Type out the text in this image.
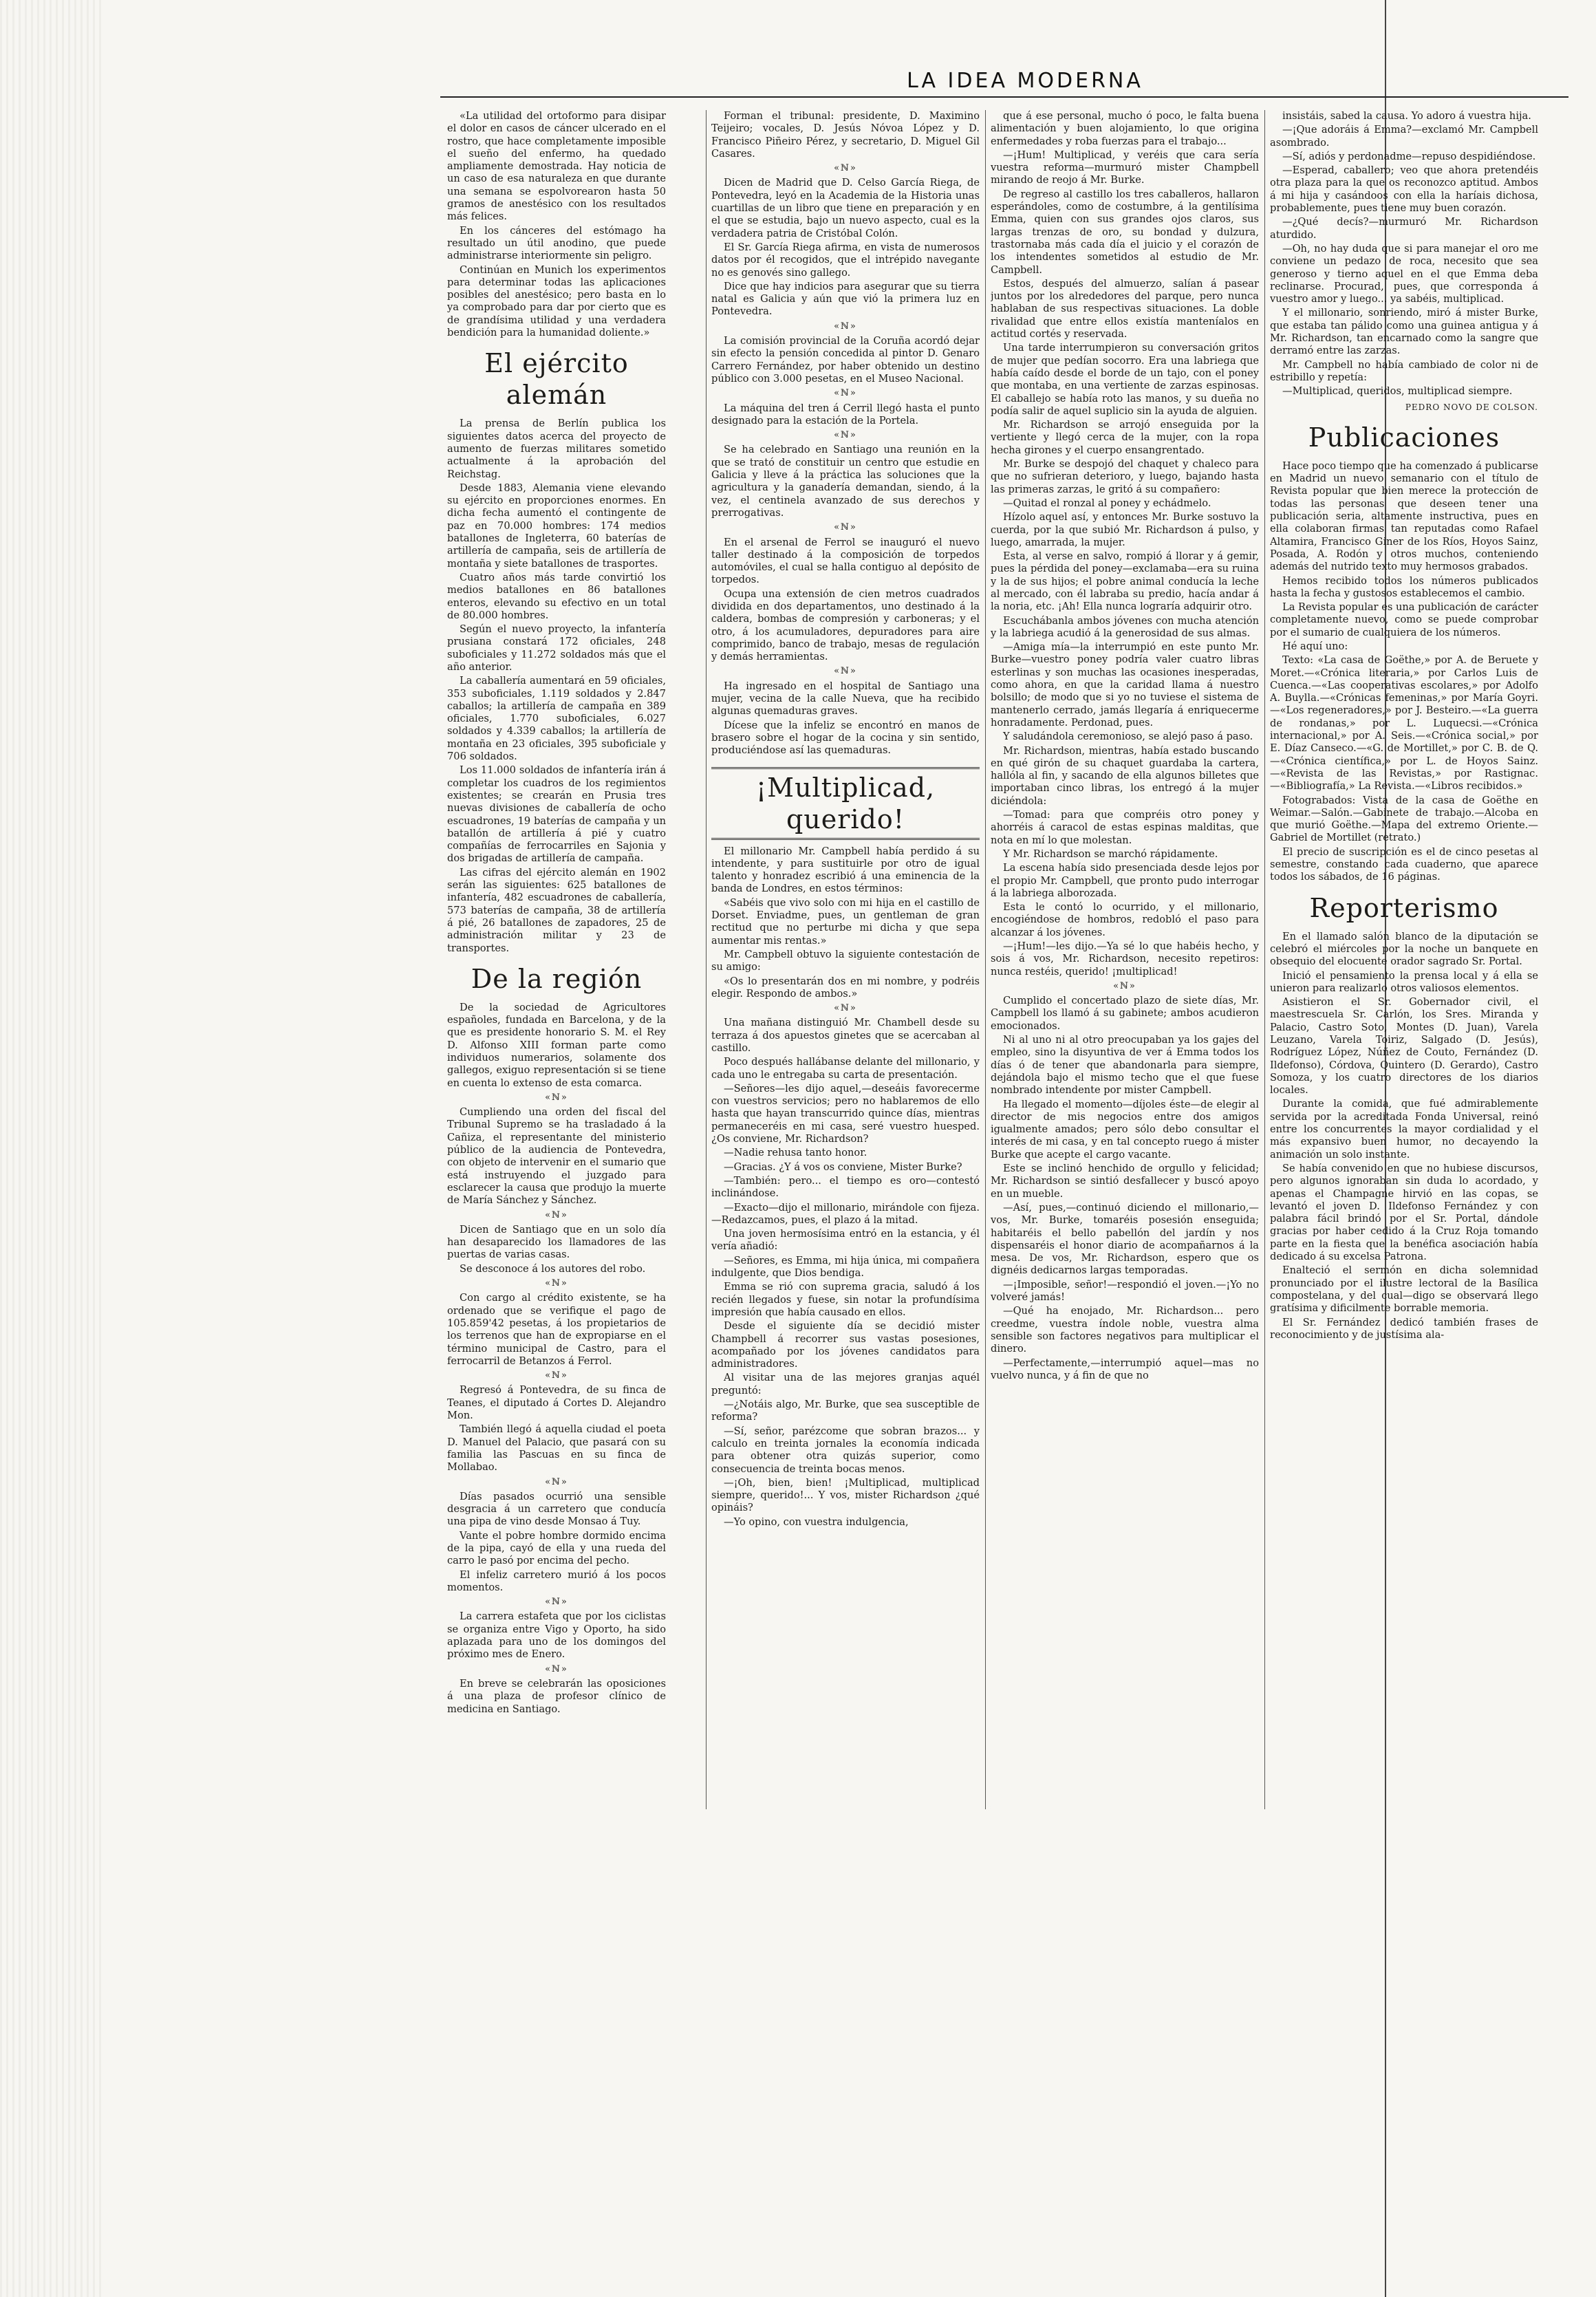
LA IDEA MODERNA

«La utilidad del ortoformo para disipar el dolor en casos de cáncer ulcerado en el rostro, que hace completamente imposible el sueño del enfermo, ha quedado ampliamente demostrada. Hay noticia de un caso de esa naturaleza en que durante una semana se espolvorearon hasta 50 gramos de anestésico con los resultados más felices.

En los cánceres del estómago ha resultado un útil anodino, que puede administrarse interiormente sin peligro.

Continúan en Munich los experimentos para determinar todas las aplicaciones posibles del anestésico; pero basta en lo ya comprobado para dar por cierto que es de grandísima utilidad y una verdadera bendición para la humanidad doliente.»

El ejército alemán

La prensa de Berlín publica los siguientes datos acerca del proyecto de aumento de fuerzas militares sometido actualmente á la aprobación del Reichstag.

Desde 1883, Alemania viene elevando su ejército en proporciones enormes. En dicha fecha aumentó el contingente de paz en 70.000 hombres: 174 medios batallones de Ingleterra, 60 baterías de artillería de campaña, seis de artillería de montaña y siete batallones de trasportes.

Cuatro años más tarde convirtió los medios batallones en 86 batallones enteros, elevando su efectivo en un total de 80.000 hombres.

Según el nuevo proyecto, la infantería prusiana constará 172 oficiales, 248 suboficiales y 11.272 soldados más que el año anterior.

La caballería aumentará en 59 oficiales, 353 suboficiales, 1.119 soldados y 2.847 caballos; la artillería de campaña en 389 oficiales, 1.770 suboficiales, 6.027 soldados y 4.339 caballos; la artillería de montaña en 23 oficiales, 395 suboficiale y 706 soldados.

Los 11.000 soldados de infantería irán á completar los cuadros de los regimientos existentes; se crearán en Prusia tres nuevas divisiones de caballería de ocho escuadrones, 19 baterías de campaña y un batallón de artillería á pié y cuatro compañías de ferrocarriles en Sajonia y dos brigadas de artillería de campaña.

Las cifras del ejército alemán en 1902 serán las siguientes: 625 batallones de infantería, 482 escuadrones de caballería, 573 baterías de campaña, 38 de artillería á pié, 26 batallones de zapadores, 25 de administración militar y 23 de transportes.

De la región

De la sociedad de Agricultores españoles, fundada en Barcelona, y de la que es presidente honorario S. M. el Rey D. Alfonso XIII forman parte como individuos numerarios, solamente dos gallegos, exiguo representación si se tiene en cuenta lo extenso de esta comarca.

«ℕ»

Cumpliendo una orden del fiscal del Tribunal Supremo se ha trasladado á la Cañiza, el representante del ministerio público de la audiencia de Pontevedra, con objeto de intervenir en el sumario que está instruyendo el juzgado para esclarecer la causa que produjo la muerte de María Sánchez y Sánchez.

«ℕ»

Dicen de Santiago que en un solo día han desaparecido los llamadores de las puertas de varias casas.

Se desconoce á los autores del robo.

«ℕ»

Con cargo al crédito existente, se ha ordenado que se verifique el pago de 105.859'42 pesetas, á los propietarios de los terrenos que han de expropiarse en el término municipal de Castro, para el ferrocarril de Betanzos á Ferrol.

«ℕ»

Regresó á Pontevedra, de su finca de Teanes, el diputado á Cortes D. Alejandro Mon.

También llegó á aquella ciudad el poeta D. Manuel del Palacio, que pasará con su familia las Pascuas en su finca de Mollabao.

«ℕ»

Días pasados ocurrió una sensible desgracia á un carretero que conducía una pipa de vino desde Monsao á Tuy.

Vante el pobre hombre dormido encima de la pipa, cayó de ella y una rueda del carro le pasó por encima del pecho.

El infeliz carretero murió á los pocos momentos.

«ℕ»

La carrera estafeta que por los ciclistas se organiza entre Vigo y Oporto, ha sido aplazada para uno de los domingos del próximo mes de Enero.

«ℕ»

En breve se celebrarán las oposiciones á una plaza de profesor clínico de medicina en Santiago.

Forman el tribunal: presidente, D. Maximino Teijeiro; vocales, D. Jesús Nóvoa López y D. Francisco Piñeiro Pérez, y secretario, D. Miguel Gil Casares.

«ℕ»

Dicen de Madrid que D. Celso García Riega, de Pontevedra, leyó en la Academia de la Historia unas cuartillas de un libro que tiene en preparación y en el que se estudia, bajo un nuevo aspecto, cual es la verdadera patria de Cristóbal Colón.

El Sr. García Riega afirma, en vista de numerosos datos por él recogidos, que el intrépido navegante no es genovés sino gallego.

Dice que hay indicios para asegurar que su tierra natal es Galicia y aún que vió la primera luz en Pontevedra.

«ℕ»

La comisión provincial de la Coruña acordó dejar sin efecto la pensión concedida al pintor D. Genaro Carrero Fernández, por haber obtenido un destino público con 3.000 pesetas, en el Museo Nacional.

«ℕ»

La máquina del tren á Cerril llegó hasta el punto designado para la estación de la Portela.

«ℕ»

Se ha celebrado en Santiago una reunión en la que se trató de constituir un centro que estudie en Galicia y lleve á la práctica las soluciones que la agricultura y la ganadería demandan, siendo, á la vez, el centinela avanzado de sus derechos y prerrogativas.

«ℕ»

En el arsenal de Ferrol se inauguró el nuevo taller destinado á la composición de torpedos automóviles, el cual se halla contiguo al depósito de torpedos.

Ocupa una extensión de cien metros cuadrados dividida en dos departamentos, uno destinado á la caldera, bombas de compresión y carboneras; y el otro, á los acumuladores, depuradores para aire comprimido, banco de trabajo, mesas de regulación y demás herramientas.

«ℕ»

Ha ingresado en el hospital de Santiago una mujer, vecina de la calle Nueva, que ha recibido algunas quemaduras graves.

Dícese que la infeliz se encontró en manos de brasero sobre el hogar de la cocina y sin sentido, produciéndose así las quemaduras.

¡Multiplicad, querido!

El millonario Mr. Campbell había perdido á su intendente, y para sustituirle por otro de igual talento y honradez escribió á una eminencia de la banda de Londres, en estos términos:

«Sabéis que vivo solo con mi hija en el castillo de Dorset. Enviadme, pues, un gentleman de gran rectitud que no perturbe mi dicha y que sepa aumentar mis rentas.»

Mr. Campbell obtuvo la siguiente contestación de su amigo:

«Os lo presentarán dos en mi nombre, y podréis elegir. Respondo de ambos.»

«ℕ»

Una mañana distinguió Mr. Chambell desde su terraza á dos apuestos ginetes que se acercaban al castillo.

Poco después hallábanse delante del millonario, y cada uno le entregaba su carta de presentación.

—Señores—les dijo aquel,—deseáis favorecerme con vuestros servicios; pero no hablaremos de ello hasta que hayan transcurrido quince días, mientras permaneceréis en mi casa, seré vuestro huesped. ¿Os conviene, Mr. Richardson?

—Nadie rehusa tanto honor.

—Gracias. ¿Y á vos os conviene, Mister Burke?

—También: pero... el tiempo es oro—contestó inclinándose.

—Exacto—dijo el millonario, mirándole con fijeza.—Redazcamos, pues, el plazo á la mitad.

Una joven hermosísima entró en la estancia, y él vería añadió:

—Señores, es Emma, mi hija única, mi compañera indulgente, que Dios bendiga.

Emma se rió con suprema gracia, saludó á los recién llegados y fuese, sin notar la profundísima impresión que había causado en ellos.

Desde el siguiente día se decidió mister Champbell á recorrer sus vastas posesiones, acompañado por los jóvenes candidatos para administradores.

Al visitar una de las mejores granjas aquél preguntó:

—¿Notáis algo, Mr. Burke, que sea susceptible de reforma?

—Sí, señor, parézcome que sobran brazos... y calculo en treinta jornales la economía indicada para obtener otra quizás superior, como consecuencia de treinta bocas menos.

—¡Oh, bien, bien! ¡Multiplicad, multiplicad siempre, querido!... Y vos, mister Richardson ¿qué opináis?

—Yo opino, con vuestra indulgencia,

que á ese personal, mucho ó poco, le falta buena alimentación y buen alojamiento, lo que origina enfermedades y roba fuerzas para el trabajo...

—¡Hum! Multiplicad, y veréis que cara sería vuestra reforma—murmuró mister Champbell mirando de reojo á Mr. Burke.

De regreso al castillo los tres caballeros, hallaron esperándoles, como de costumbre, á la gentilísima Emma, quien con sus grandes ojos claros, sus largas trenzas de oro, su bondad y dulzura, trastornaba más cada día el juicio y el corazón de los intendentes sometidos al estudio de Mr. Campbell.

Estos, después del almuerzo, salían á pasear juntos por los alrededores del parque, pero nunca hablaban de sus respectivas situaciones. La doble rivalidad que entre ellos existía manteníalos en actitud cortés y reservada.

Una tarde interrumpieron su conversación gritos de mujer que pedían socorro. Era una labriega que había caído desde el borde de un tajo, con el poney que montaba, en una vertiente de zarzas espinosas. El caballejo se había roto las manos, y su dueña no podía salir de aquel suplicio sin la ayuda de alguien.

Mr. Richardson se arrojó enseguida por la vertiente y llegó cerca de la mujer, con la ropa hecha girones y el cuerpo ensangrentado.

Mr. Burke se despojó del chaquet y chaleco para que no sufrieran deterioro, y luego, bajando hasta las primeras zarzas, le gritó á su compañero:

—Quitad el ronzal al poney y echádmelo.

Hízolo aquel así, y entonces Mr. Burke sostuvo la cuerda, por la que subió Mr. Richardson á pulso, y luego, amarrada, la mujer.

Esta, al verse en salvo, rompió á llorar y á gemir, pues la pérdida del poney—exclamaba—era su ruina y la de sus hijos; el pobre animal conducía la leche al mercado, con él labraba su predio, hacía andar á la noria, etc. ¡Ah! Ella nunca lograría adquirir otro.

Escuchábanla ambos jóvenes con mucha atención y la labriega acudió á la generosidad de sus almas.

—Amiga mía—la interrumpió en este punto Mr. Burke—vuestro poney podría valer cuatro libras esterlinas y son muchas las ocasiones inesperadas, como ahora, en que la caridad llama á nuestro bolsillo; de modo que si yo no tuviese el sistema de mantenerlo cerrado, jamás llegaría á enriquecerme honradamente. Perdonad, pues.

Y saludándola ceremonioso, se alejó paso á paso.

Mr. Richardson, mientras, había estado buscando en qué girón de su chaquet guardaba la cartera, hallóla al fin, y sacando de ella algunos billetes que importaban cinco libras, los entregó á la mujer diciéndola:

—Tomad: para que compréis otro poney y ahorréis á caracol de estas espinas malditas, que nota en mí lo que molestan.

Y Mr. Richardson se marchó rápidamente.

La escena había sido presenciada desde lejos por el propio Mr. Campbell, que pronto pudo interrogar á la labriega alborozada.

Esta le contó lo ocurrido, y el millonario, encogiéndose de hombros, redobló el paso para alcanzar á los jóvenes.

—¡Hum!—les dijo.—Ya sé lo que habéis hecho, y sois á vos, Mr. Richardson, necesito repetiros: nunca restéis, querido! ¡multiplicad!

«ℕ»

Cumplido el concertado plazo de siete días, Mr. Campbell los llamó á su gabinete; ambos acudieron emocionados.

Ni al uno ni al otro preocupaban ya los gajes del empleo, sino la disyuntiva de ver á Emma todos los días ó de tener que abandonarla para siempre, dejándola bajo el mismo techo que el que fuese nombrado intendente por mister Campbell.

Ha llegado el momento—díjoles éste—de elegir al director de mis negocios entre dos amigos igualmente amados; pero sólo debo consultar el interés de mi casa, y en tal concepto ruego á mister Burke que acepte el cargo vacante.

Este se inclinó henchido de orgullo y felicidad; Mr. Richardson se sintió desfallecer y buscó apoyo en un mueble.

—Así, pues,—continuó diciendo el millonario,—vos, Mr. Burke, tomaréis posesión enseguida; habitaréis el bello pabellón del jardín y nos dispensaréis el honor diario de acompañarnos á la mesa. De vos, Mr. Richardson, espero que os dignéis dedicarnos largas temporadas.

—¡Imposible, señor!—respondió el joven.—¡Yo no volveré jamás!

—Qué ha enojado, Mr. Richardson... pero creedme, vuestra índole noble, vuestra alma sensible son factores negativos para multiplicar el dinero.

—Perfectamente,—interrumpió aquel—mas no vuelvo nunca, y á fin de que no

insistáis, sabed la causa. Yo adoro á vuestra hija.

—¡Que adoráis á Emma?—exclamó Mr. Campbell asombrado.

—Sí, adiós y perdonadme—repuso despidiéndose.

—Esperad, caballero; veo que ahora pretendéis otra plaza para la que os reconozco aptitud. Ambos á mi hija y casándoos con ella la haríais dichosa, probablemente, pues tiene muy buen corazón.

—¿Qué decís?—murmuró Mr. Richardson aturdido.

—Oh, no hay duda que si para manejar el oro me conviene un pedazo de roca, necesito que sea generoso y tierno aquel en el que Emma deba reclinarse. Procurad, pues, que corresponda á vuestro amor y luego... ya sabéis, multiplicad.

Y el millonario, sonriendo, miró á mister Burke, que estaba tan pálido como una guinea antigua y á Mr. Richardson, tan encarnado como la sangre que derramó entre las zarzas.

Mr. Campbell no había cambiado de color ni de estribillo y repetía:

—Multiplicad, queridos, multiplicad siempre.

PEDRO NOVO DE COLSON.
Publicaciones

Hace poco tiempo que ha comenzado á publicarse en Madrid un nuevo semanario con el título de Revista popular que bien merece la protección de todas las personas que deseen tener una publicación seria, altamente instructiva, pues en ella colaboran firmas tan reputadas como Rafael Altamira, Francisco Giner de los Ríos, Hoyos Sainz, Posada, A. Rodón y otros muchos, conteniendo además del nutrido texto muy hermosos grabados.

Hemos recibido todos los números publicados hasta la fecha y gustosos establecemos el cambio.

La Revista popular es una publicación de carácter completamente nuevo, como se puede comprobar por el sumario de cualquiera de los números.

Hé aquí uno:

Texto: «La casa de Goëthe,» por A. de Beruete y Moret.—«Crónica literaria,» por Carlos Luis de Cuenca.—«Las cooperativas escolares,» por Adolfo A. Buylla.—«Crónicas femeninas,» por María Goyri.—«Los regeneradores,» por J. Besteiro.—«La guerra de rondanas,» por L. Luquecsi.—«Crónica internacional,» por A. Seis.—«Crónica social,» por E. Díaz Canseco.—«G. de Mortillet,» por C. B. de Q.—«Crónica científica,» por L. de Hoyos Sainz.—«Revista de las Revistas,» por Rastignac.—«Bibliografía,» La Revista.—«Libros recibidos.»

Fotograbados: Vista de la casa de Goëthe en Weimar.—Salón.—Gabinete de trabajo.—Alcoba en que murió Goëthe.—Mapa del extremo Oriente.—Gabriel de Mortillet (retrato.)

El precio de suscripción es el de cinco pesetas al semestre, constando cada cuaderno, que aparece todos los sábados, de 16 páginas.

Reporterismo

En el llamado salón blanco de la diputación se celebró el miércoles por la noche un banquete en obsequio del elocuente orador sagrado Sr. Portal.

Inició el pensamiento la prensa local y á ella se unieron para realizarlo otros valiosos elementos.

Asistieron el Sr. Gobernador civil, el maestrescuela Sr. Carlón, los Sres. Miranda y Palacio, Castro Soto, Montes (D. Juan), Varela Leuzano, Varela Toiriz, Salgado (D. Jesús), Rodríguez López, Núñez de Couto, Fernández (D. Ildefonso), Córdova, Quintero (D. Gerardo), Castro Somoza, y los cuatro directores de los diarios locales.

Durante la comida, que fué admirablemente servida por la acreditada Fonda Universal, reinó entre los concurrentes la mayor cordialidad y el más expansivo buen humor, no decayendo la animación un solo instante.

Se había convenido en que no hubiese discursos, pero algunos ignoraban sin duda lo acordado, y apenas el Champagne hirvió en las copas, se levantó el joven D. Ildefonso Fernández y con palabra fácil brindó por el Sr. Portal, dándole gracias por haber cedido á la Cruz Roja tomando parte en la fiesta que la benéfica asociación había dedicado á su excelsa Patrona.

Enalteció el sermón en dicha solemnidad pronunciado por el ilustre lectoral de la Basílica compostelana, y del cual—digo se observará llego gratísima y dificilmente borrable memoria.

El Sr. Fernández dedicó también frases de reconocimiento y de justísima ala-
